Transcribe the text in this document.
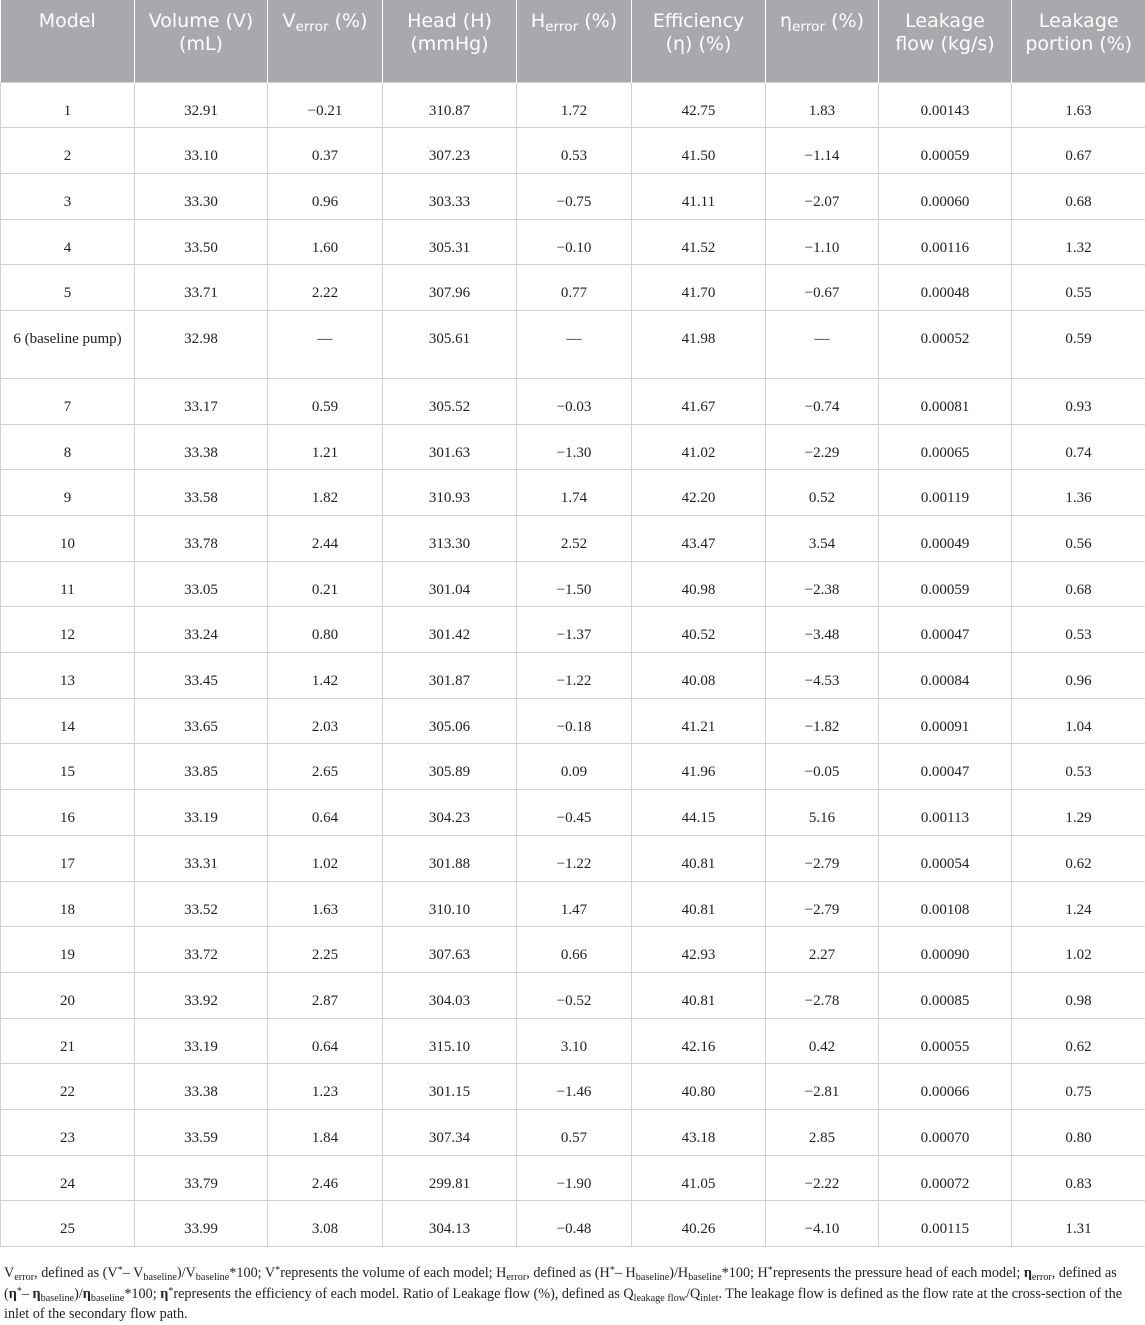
Model	Volume (V) (mL)	$V_{error}$ (%)	Head (H) (mmHg)	$H_{error}$ (%)	Efficiency (η) (%)	$\eta_{error}$ (%)	Leakage flow (kg/s)	Leakage portion (%)
1	32.91	−0.21	310.87	1.72	42.75	1.83	0.00143	1.63
2	33.10	0.37	307.23	0.53	41.50	−1.14	0.00059	0.67
3	33.30	0.96	303.33	−0.75	41.11	−2.07	0.00060	0.68
4	33.50	1.60	305.31	−0.10	41.52	−1.10	0.00116	1.32
5	33.71	2.22	307.96	0.77	41.70	−0.67	0.00048	0.55
6 (baseline pump)	32.98	—	305.61	—	41.98	—	0.00052	0.59
7	33.17	0.59	305.52	−0.03	41.67	−0.74	0.00081	0.93
8	33.38	1.21	301.63	−1.30	41.02	−2.29	0.00065	0.74
9	33.58	1.82	310.93	1.74	42.20	0.52	0.00119	1.36
10	33.78	2.44	313.30	2.52	43.47	3.54	0.00049	0.56
11	33.05	0.21	301.04	−1.50	40.98	−2.38	0.00059	0.68
12	33.24	0.80	301.42	−1.37	40.52	−3.48	0.00047	0.53
13	33.45	1.42	301.87	−1.22	40.08	−4.53	0.00084	0.96
14	33.65	2.03	305.06	−0.18	41.21	−1.82	0.00091	1.04
15	33.85	2.65	305.89	0.09	41.96	−0.05	0.00047	0.53
16	33.19	0.64	304.23	−0.45	44.15	5.16	0.00113	1.29
17	33.31	1.02	301.88	−1.22	40.81	−2.79	0.00054	0.62
18	33.52	1.63	310.10	1.47	40.81	−2.79	0.00108	1.24
19	33.72	2.25	307.63	0.66	42.93	2.27	0.00090	1.02
20	33.92	2.87	304.03	−0.52	40.81	−2.78	0.00085	0.98
21	33.19	0.64	315.10	3.10	42.16	0.42	0.00055	0.62
22	33.38	1.23	301.15	−1.46	40.80	−2.81	0.00066	0.75
23	33.59	1.84	307.34	0.57	43.18	2.85	0.00070	0.80
24	33.79	2.46	299.81	−1.90	41.05	−2.22	0.00072	0.83
25	33.99	3.08	304.13	−0.48	40.26	−4.10	0.00115	1.31

$V_{error}$, defined as (V*– $V_{baseline})/V_{baseline}*100$; V*represents the volume of each model; $H_{error}$, defined as (H*– $H_{baseline})/H_{baseline}*100$; H*represents the pressure head of each model; $\eta_{error}$, defined as (η*– $\eta_{baseline})/\eta_{baseline}*100$; η*represents the efficiency of each model. Ratio of Leakage flow (%), defined as $Q_{leakage flow}/Q_{inlet}$. The leakage flow is defined as the flow rate at the cross-section of the inlet of the secondary flow path.
